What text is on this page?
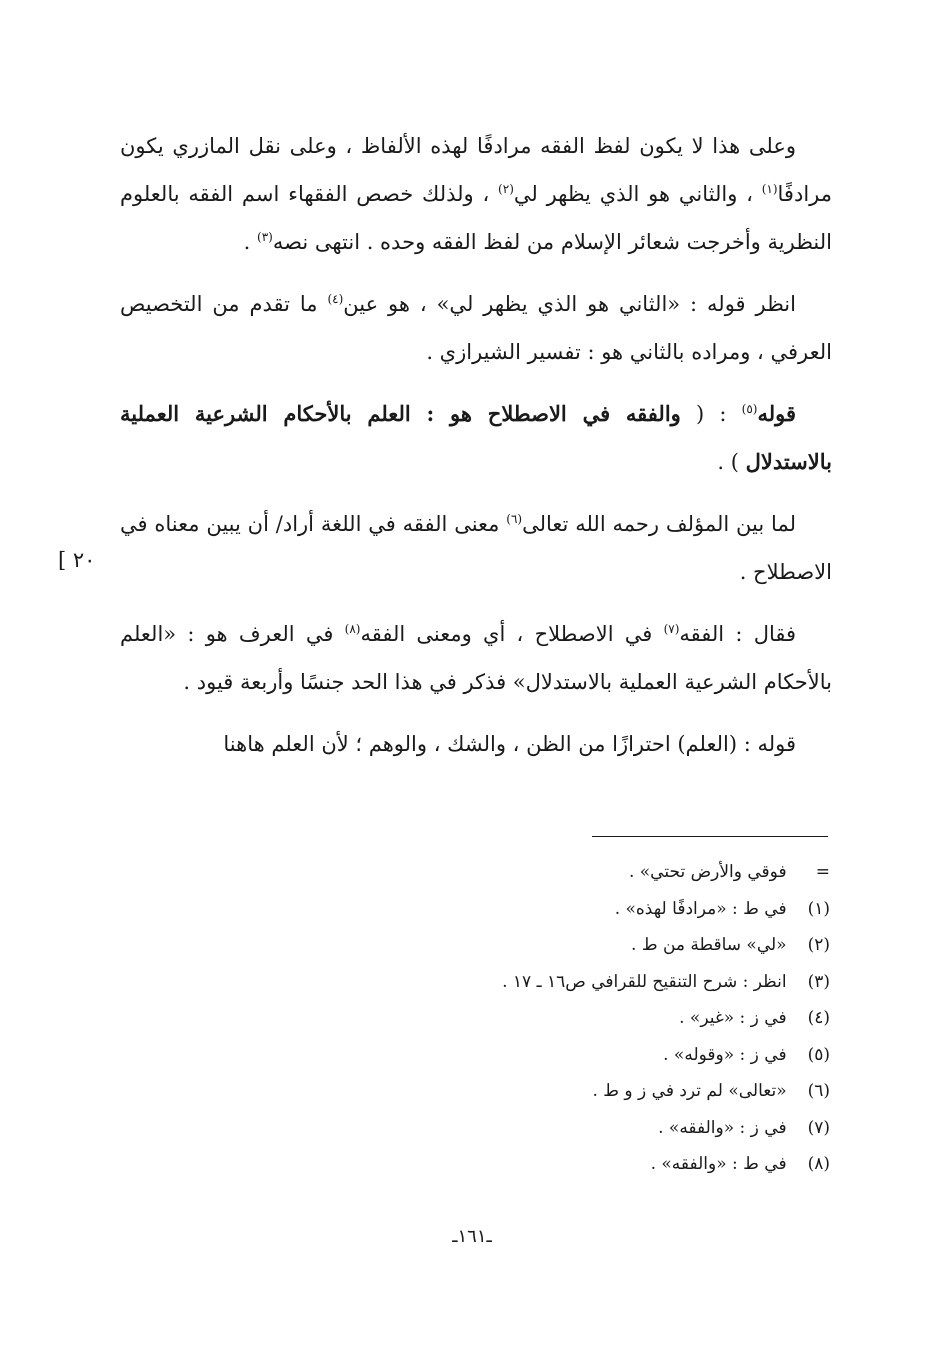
وعلى هذا لا يكون لفظ الفقه مرادفًا لهذه الألفاظ ، وعلى نقل المازري يكون مرادفًا$^{(١)}$ ، والثاني هو الذي يظهر لي$^{(٢)}$ ، ولذلك خصص الفقهاء اسم الفقه بالعلوم النظرية وأخرجت شعائر الإسلام من لفظ الفقه وحده . انتهى نصه$^{(٣)}$ .

انظر قوله : «الثاني هو الذي يظهر لي» ، هو عين$^{(٤)}$ ما تقدم من التخصيص العرفي ، ومراده بالثاني هو : تفسير الشيرازي .

قوله$^{(٥)}$ : ( والفقه في الاصطلاح هو : العلم بالأحكام الشرعية العملية بالاستدلال ) .

لما بين المؤلف رحمه الله تعالى$^{(٦)}$ معنى الفقه في اللغة أراد/ أن يبين معناه في الاصطلاح .

فقال : الفقه$^{(٧)}$ في الاصطلاح ، أي ومعنى الفقه$^{(٨)}$ في العرف هو : «العلم بالأحكام الشرعية العملية بالاستدلال» فذكر في هذا الحد جنسًا وأربعة قيود .

قوله : (العلم) احترازًا من الظن ، والشك ، والوهم ؛ لأن العلم هاهنا

[ ٢٠
= فوقي والأرض تحتي» .
(١) في ط : «مرادفًا لهذه» .
(٢) «لي» ساقطة من ط .
(٣) انظر : شرح التنقيح للقرافي ص١٦ ـ ١٧ .
(٤) في ز : «غير» .
(٥) في ز : «وقوله» .
(٦) «تعالى» لم ترد في ز و ط .
(٧) في ز : «والفقه» .
(٨) في ط : «والفقه» .
ـ١٦١ـ
